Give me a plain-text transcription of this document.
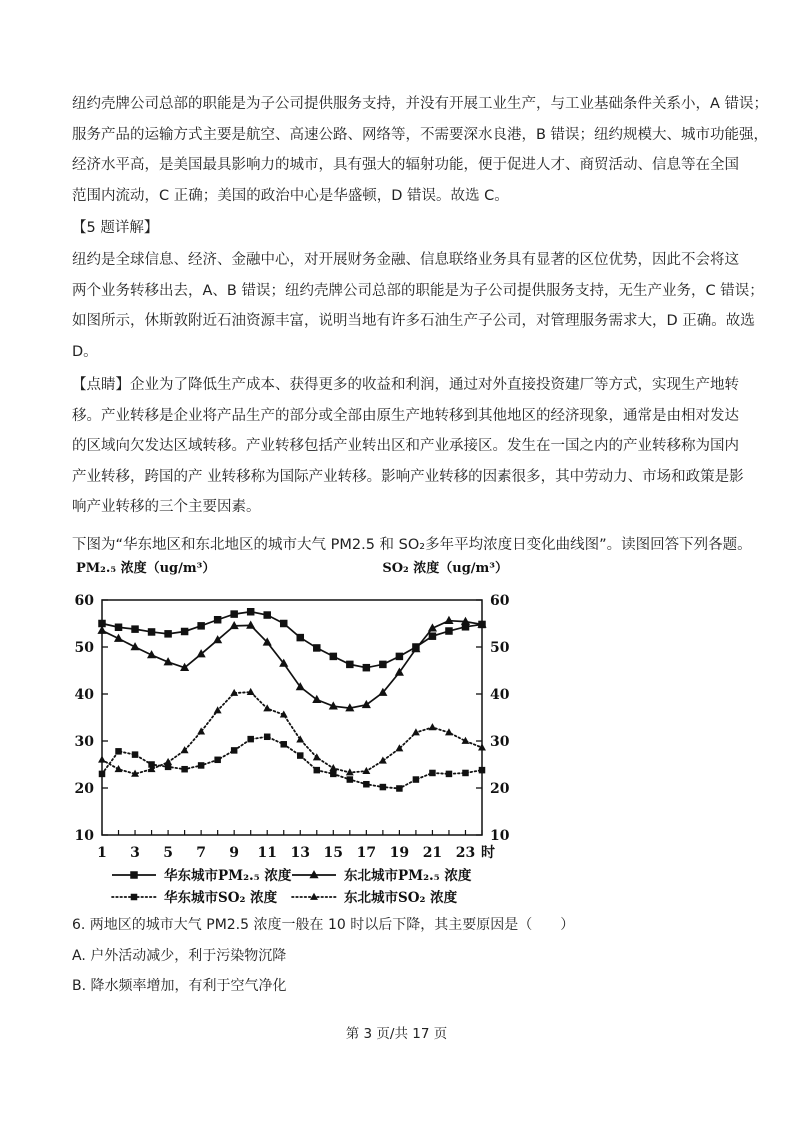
纽约壳牌公司总部的职能是为子公司提供服务支持，并没有开展工业生产，与工业基础条件关系小，A 错误；
服务产品的运输方式主要是航空、高速公路、网络等，不需要深水良港，B 错误；纽约规模大、城市功能强，
经济水平高，是美国最具影响力的城市，具有强大的辐射功能，便于促进人才、商贸活动、信息等在全国
范围内流动，C 正确；美国的政治中心是华盛顿，D 错误。故选 C。
【5 题详解】
纽约是全球信息、经济、金融中心，对开展财务金融、信息联络业务具有显著的区位优势，因此不会将这
两个业务转移出去，A、B 错误；纽约壳牌公司总部的职能是为子公司提供服务支持，无生产业务，C 错误；
如图所示，休斯敦附近石油资源丰富，说明当地有许多石油生产子公司，对管理服务需求大，D 正确。故选
D。
【点睛】企业为了降低生产成本、获得更多的收益和利润，通过对外直接投资建厂等方式，实现生产地转
移。产业转移是企业将产品生产的部分或全部由原生产地转移到其他地区的经济现象，通常是由相对发达
的区域向欠发达区域转移。产业转移包括产业转出区和产业承接区。发生在一国之内的产业转移称为国内
产业转移，跨国的产 业转移称为国际产业转移。影响产业转移的因素很多，其中劳动力、市场和政策是影
响产业转移的三个主要因素。
下图为“华东地区和东北地区的城市大气 PM2.5 和 SO₂多年平均浓度日变化曲线图”。读图回答下列各题。
PM₂.₅ 浓度（ug/m³）	SO₂ 浓度（ug/m³）
10
20
30
40
50
60
10
20
30
40
50
60
1 3 5 7 9 11 13 15 17 19 21 23 时
华东城市PM₂.₅ 浓度	东北城市PM₂.₅ 浓度
华东城市SO₂ 浓度	东北城市SO₂ 浓度
6. 两地区的城市大气 PM2.5 浓度一般在 10 时以后下降，其主要原因是（　　）
A. 户外活动减少，利于污染物沉降
B. 降水频率增加，有利于空气净化
第 3 页/共 17 页
